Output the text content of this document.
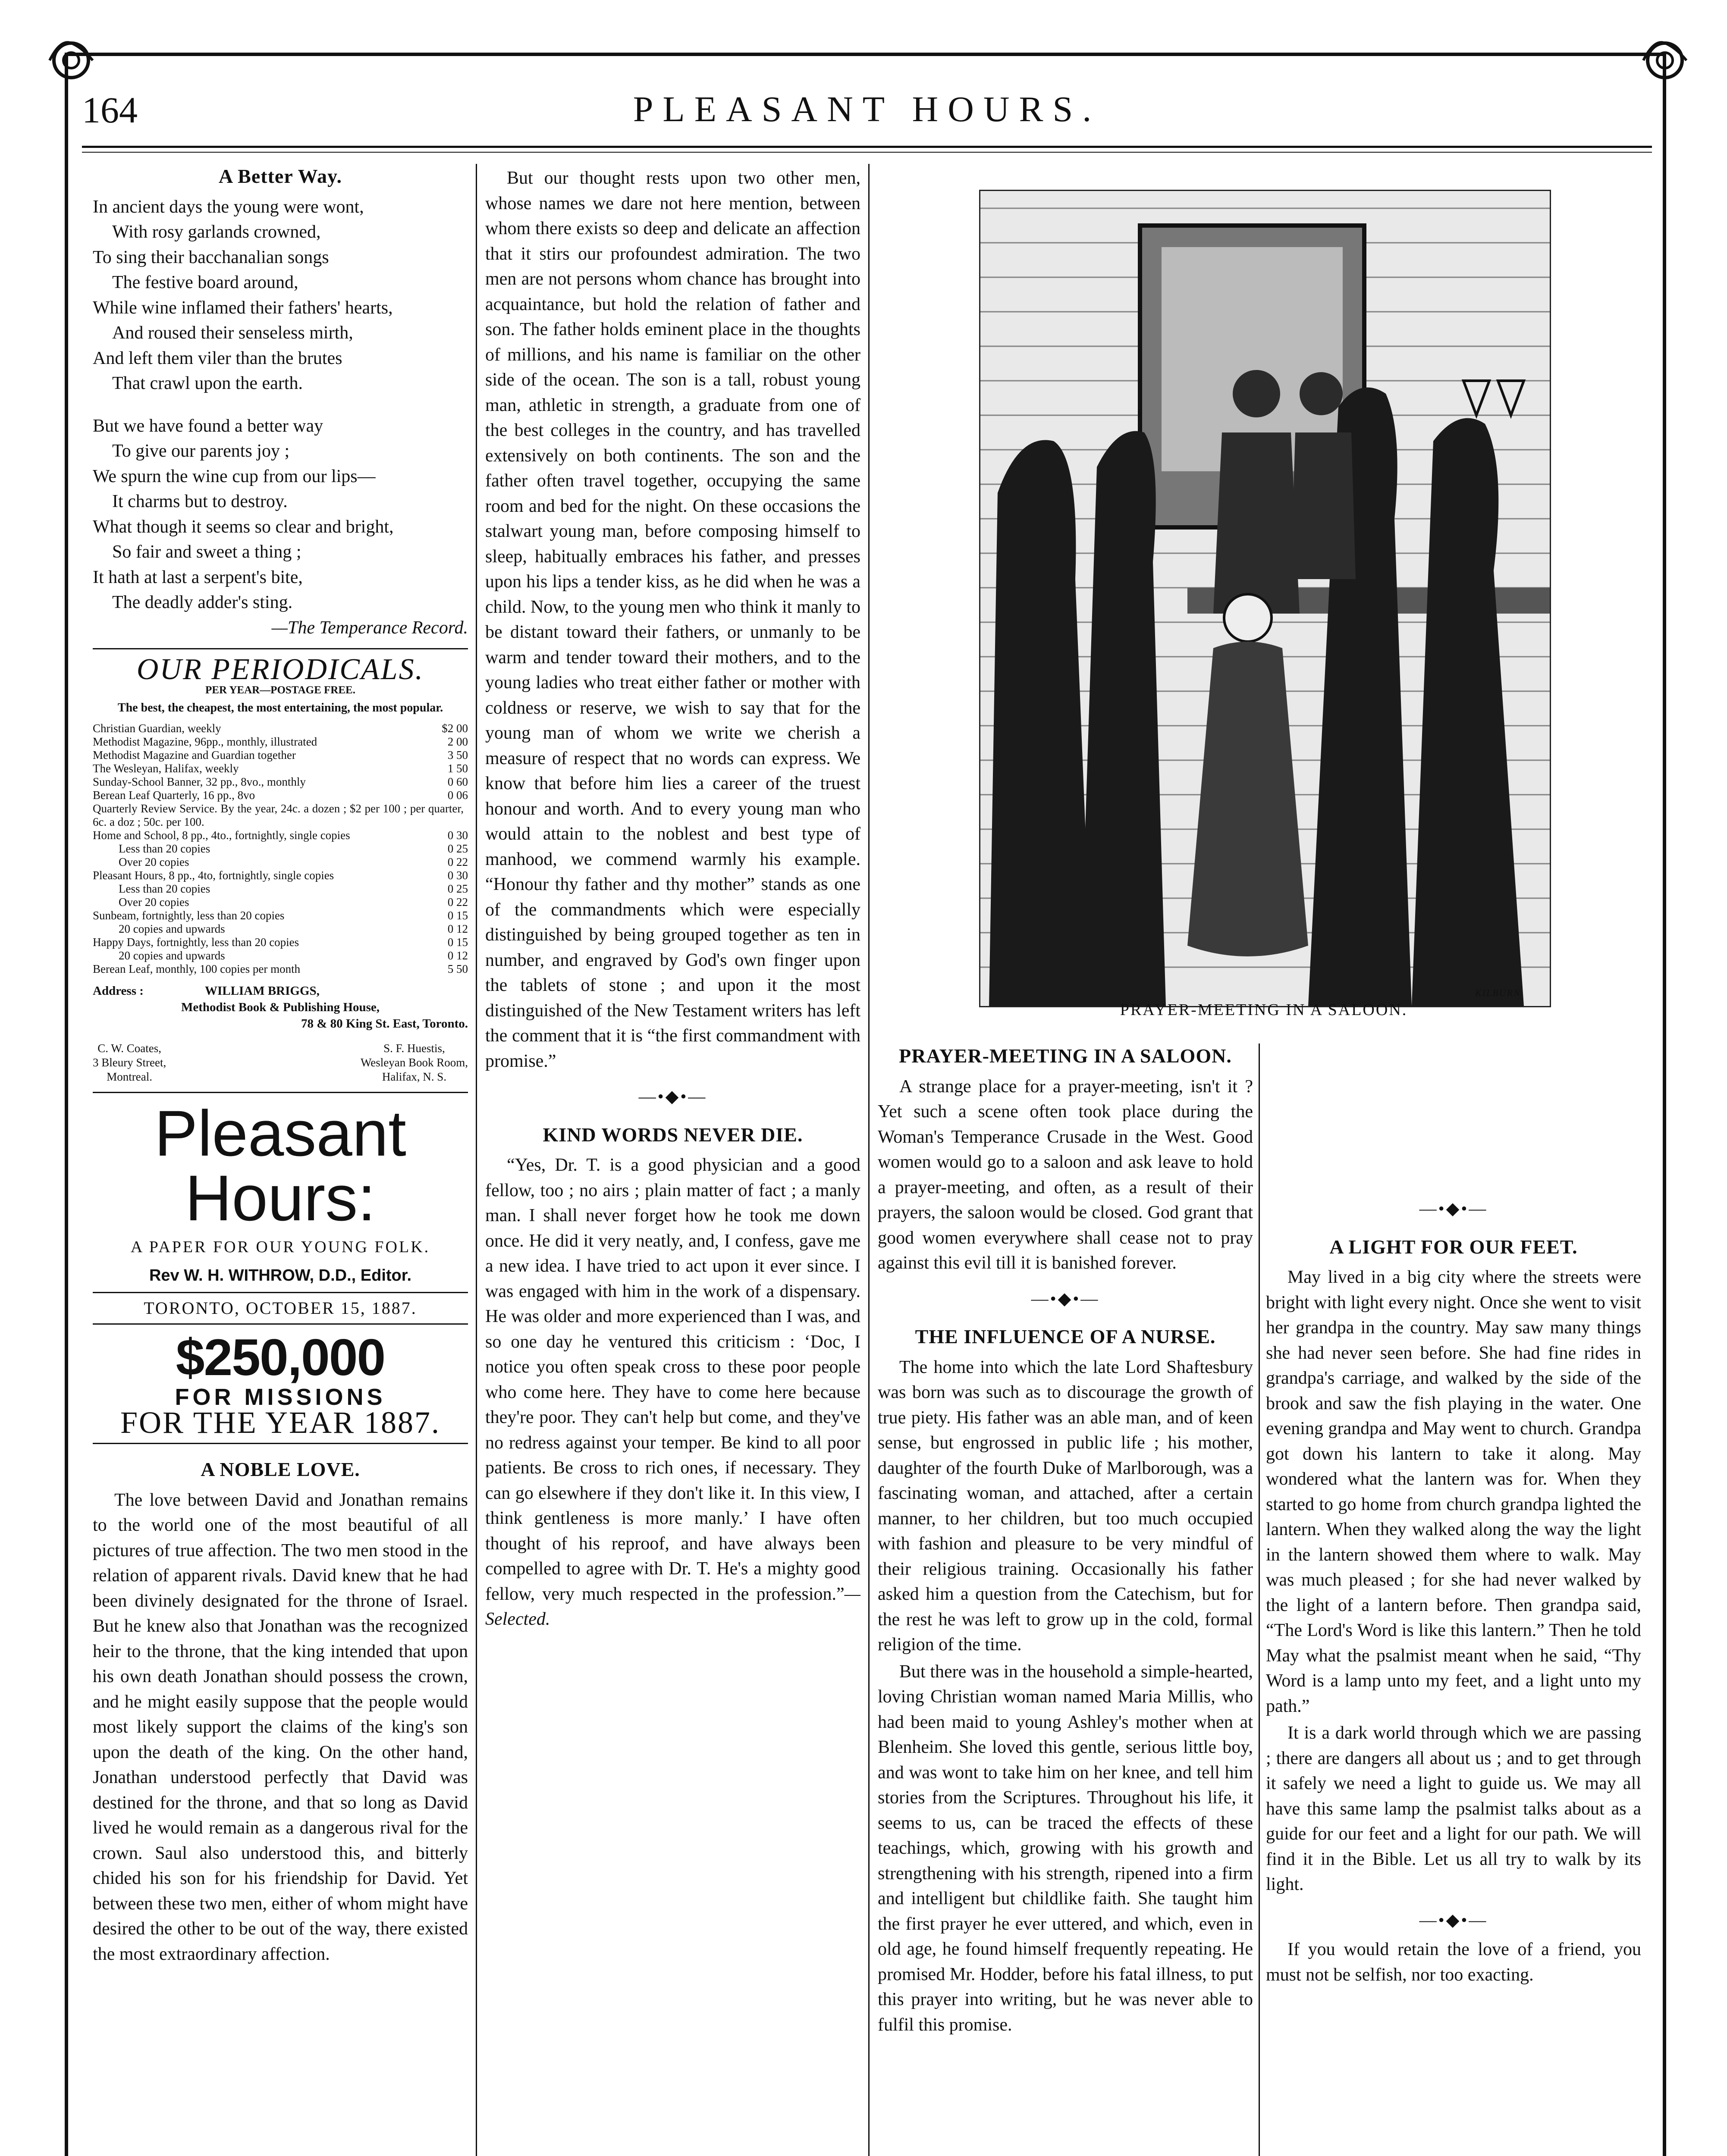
164	PLEASANT HOURS.
A Better Way.
In ancient days the young were wont,
With rosy garlands crowned,
To sing their bacchanalian songs
The festive board around,
While wine inflamed their fathers' hearts,
And roused their senseless mirth,
And left them viler than the brutes
That crawl upon the earth.
But we have found a better way
To give our parents joy ;
We spurn the wine cup from our lips—
It charms but to destroy.
What though it seems so clear and bright,
So fair and sweet a thing ;
It hath at last a serpent's bite,
The deadly adder's sting.
—The Temperance Record.
OUR PERIODICALS.
PER YEAR—POSTAGE FREE.
The best, the cheapest, the most entertaining, the most popular.
Christian Guardian, weekly	$2 00
Methodist Magazine, 96pp., monthly, illustrated	2 00
Methodist Magazine and Guardian together	3 50
The Wesleyan, Halifax, weekly	1 50
Sunday-School Banner, 32 pp., 8vo., monthly	0 60
Berean Leaf Quarterly, 16 pp., 8vo	0 06
Quarterly Review Service. By the year, 24c. a dozen ; $2 per 100 ; per quarter, 6c. a doz ; 50c. per 100.
Home and School, 8 pp., 4to., fortnightly, single copies	0 30
Less than 20 copies	0 25
Over 20 copies	0 22
Pleasant Hours, 8 pp., 4to, fortnightly, single copies	0 30
Less than 20 copies	0 25
Over 20 copies	0 22
Sunbeam, fortnightly, less than 20 copies	0 15
20 copies and upwards	0 12
Happy Days, fortnightly, less than 20 copies	0 15
20 copies and upwards	0 12
Berean Leaf, monthly, 100 copies per month	5 50
Address :	WILLIAM BRIGGS,
Methodist Book & Publishing House,
78 & 80 King St. East, Toronto.
C. W. Coates,
3 Bleury Street,
Montreal.
S. F. Huestis,
Wesleyan Book Room,
Halifax, N. S.
Pleasant Hours:
A PAPER FOR OUR YOUNG FOLK.
Rev W. H. WITHROW, D.D., Editor.
TORONTO, OCTOBER 15, 1887.
$250,000
FOR MISSIONS
FOR THE YEAR 1887.
A NOBLE LOVE.

The love between David and Jonathan remains to the world one of the most beautiful of all pictures of true affection. The two men stood in the relation of apparent rivals. David knew that he had been divinely designated for the throne of Israel. But he knew also that Jonathan was the recognized heir to the throne, that the king intended that upon his own death Jonathan should possess the crown, and he might easily suppose that the people would most likely support the claims of the king's son upon the death of the king. On the other hand, Jonathan understood perfectly that David was destined for the throne, and that so long as David lived he would remain as a dangerous rival for the crown. Saul also understood this, and bitterly chided his son for his friendship for David. Yet between these two men, either of whom might have desired the other to be out of the way, there existed the most extraordinary affection.

But our thought rests upon two other men, whose names we dare not here mention, between whom there exists so deep and delicate an affection that it stirs our profoundest admiration. The two men are not persons whom chance has brought into acquaintance, but hold the relation of father and son. The father holds eminent place in the thoughts of millions, and his name is familiar on the other side of the ocean. The son is a tall, robust young man, athletic in strength, a graduate from one of the best colleges in the country, and has travelled extensively on both continents. The son and the father often travel together, occupying the same room and bed for the night. On these occasions the stalwart young man, before composing himself to sleep, habitually embraces his father, and presses upon his lips a tender kiss, as he did when he was a child. Now, to the young men who think it manly to be distant toward their fathers, or unmanly to be warm and tender toward their mothers, and to the young ladies who treat either father or mother with coldness or reserve, we wish to say that for the young man of whom we write we cherish a measure of respect that no words can express. We know that before him lies a career of the truest honour and worth. And to every young man who would attain to the noblest and best type of manhood, we commend warmly his example. “Honour thy father and thy mother” stands as one of the commandments which were especially distinguished by being grouped together as ten in number, and engraved by God's own finger upon the tablets of stone ; and upon it the most distinguished of the New Testament writers has left the comment that it is “the first commandment with promise.”

—•◆•—
KIND WORDS NEVER DIE.

“Yes, Dr. T. is a good physician and a good fellow, too ; no airs ; plain matter of fact ; a manly man. I shall never forget how he took me down once. He did it very neatly, and, I confess, gave me a new idea. I have tried to act upon it ever since. I was engaged with him in the work of a dispensary. He was older and more experienced than I was, and so one day he ventured this criticism : ‘Doc, I notice you often speak cross to these poor people who come here. They have to come here because they're poor. They can't help but come, and they've no redress against your temper. Be kind to all poor patients. Be cross to rich ones, if necessary. They can go elsewhere if they don't like it. In this view, I think gentleness is more manly.’ I have often thought of his reproof, and have always been compelled to agree with Dr. T. He's a mighty good fellow, very much respected in the profession.”—Selected.

PRAYER-MEETING IN A SALOON.
KILBURN
PRAYER-MEETING IN A SALOON.

A strange place for a prayer-meeting, isn't it ? Yet such a scene often took place during the Woman's Temperance Crusade in the West. Good women would go to a saloon and ask leave to hold a prayer-meeting, and often, as a result of their prayers, the saloon would be closed. God grant that good women everywhere shall cease not to pray against this evil till it is banished forever.

—•◆•—
THE INFLUENCE OF A NURSE.

The home into which the late Lord Shaftesbury was born was such as to discourage the growth of true piety. His father was an able man, and of keen sense, but engrossed in public life ; his mother, daughter of the fourth Duke of Marlborough, was a fascinating woman, and attached, after a certain manner, to her children, but too much occupied with fashion and pleasure to be very mindful of their religious training. Occasionally his father asked him a question from the Catechism, but for the rest he was left to grow up in the cold, formal religion of the time.

But there was in the household a simple-hearted, loving Christian woman named Maria Millis, who had been maid to young Ashley's mother when at Blenheim. She loved this gentle, serious little boy, and was wont to take him on her knee, and tell him stories from the Scriptures. Throughout his life, it seems to us, can be traced the effects of these teachings, which, growing with his growth and strengthening with his strength, ripened into a firm and intelligent but childlike faith. She taught him the first prayer he ever uttered, and which, even in old age, he found himself frequently repeating. He promised Mr. Hodder, before his fatal illness, to put this prayer into writing, but he was never able to fulfil this promise.

—•◆•—
A LIGHT FOR OUR FEET.

May lived in a big city where the streets were bright with light every night. Once she went to visit her grandpa in the country. May saw many things she had never seen before. She had fine rides in grandpa's carriage, and walked by the side of the brook and saw the fish playing in the water. One evening grandpa and May went to church. Grandpa got down his lantern to take it along. May wondered what the lantern was for. When they started to go home from church grandpa lighted the lantern. When they walked along the way the light in the lantern showed them where to walk. May was much pleased ; for she had never walked by the light of a lantern before. Then grandpa said, “The Lord's Word is like this lantern.” Then he told May what the psalmist meant when he said, “Thy Word is a lamp unto my feet, and a light unto my path.”

It is a dark world through which we are passing ; there are dangers all about us ; and to get through it safely we need a light to guide us. We may all have this same lamp the psalmist talks about as a guide for our feet and a light for our path. We will find it in the Bible. Let us all try to walk by its light.

—•◆•—

If you would retain the love of a friend, you must not be selfish, nor too exacting.
